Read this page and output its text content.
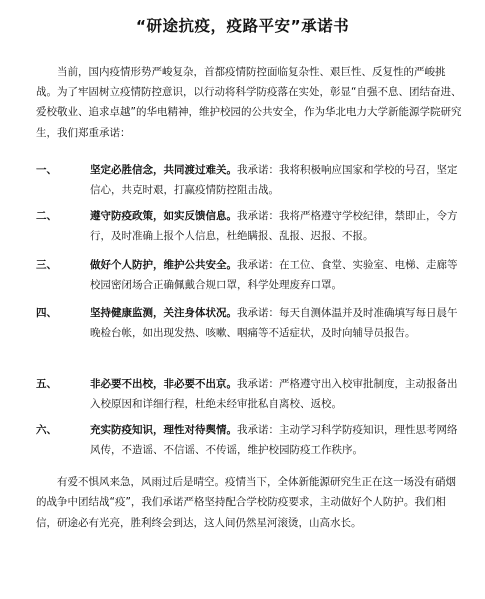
“研途抗疫，疫路平安”承诺书

当前，国内疫情形势严峻复杂，首都疫情防控面临复杂性、艰巨性、反复性的严峻挑战。为了牢固树立疫情防控意识，以行动将科学防疫落在实处，彰显“自强不息、团结奋进、爱校敬业、追求卓越”的华电精神，维护校园的公共安全，作为华北电力大学新能源学院研究生，我们郑重承诺：

一、	坚定必胜信念，共同渡过难关。我承诺：我将积极响应国家和学校的号召，坚定信心，共克时艰，打赢疫情防控阻击战。
二、	遵守防疫政策，如实反馈信息。我承诺：我将严格遵守学校纪律，禁即止，令方行，及时准确上报个人信息，杜绝瞒报、乱报、迟报、不报。
三、	做好个人防护，维护公共安全。我承诺：在工位、食堂、实验室、电梯、走廊等校园密闭场合正确佩戴合规口罩，科学处理废弃口罩。
四、	坚持健康监测，关注身体状况。我承诺：每天自测体温并及时准确填写每日晨午晚检台帐，如出现发热、咳嗽、咽痛等不适症状，及时向辅导员报告。
五、	非必要不出校，非必要不出京。我承诺：严格遵守出入校审批制度，主动报备出入校原因和详细行程，杜绝未经审批私自离校、返校。
六、	充实防疫知识，理性对待舆情。我承诺：主动学习科学防疫知识，理性思考网络风传，不造谣、不信谣、不传谣，维护校园防疫工作秩序。

有爱不惧风来急，风雨过后是晴空。疫情当下，全体新能源研究生正在这一场没有硝烟的战争中团结战“疫”，我们承诺严格坚持配合学校防疫要求，主动做好个人防护。我们相信，研途必有光亮，胜利终会到达，这人间仍然星河滚烫，山高水长。
